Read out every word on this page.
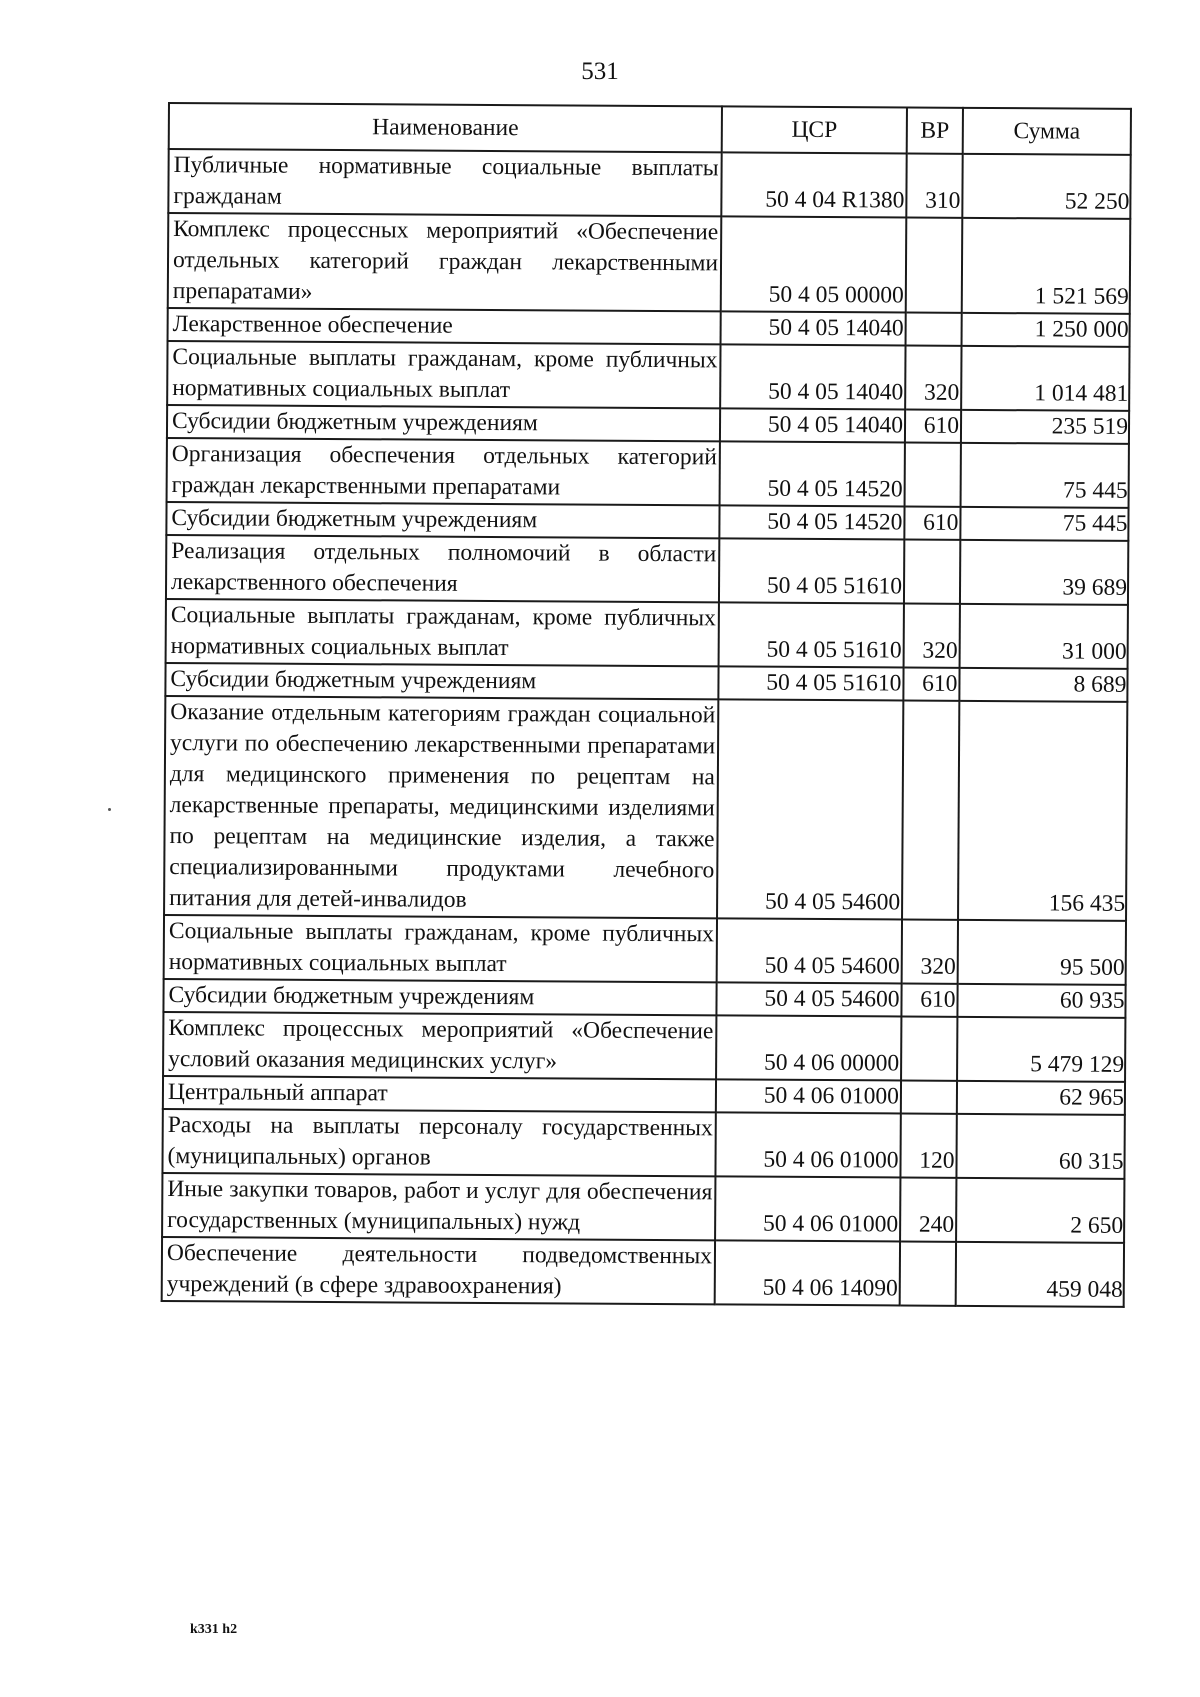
531
Наименование	ЦСР	ВР	Сумма
Публичные нормативные социальные выплаты гражданам	50 4 04 R1380	310	52 250
Комплекс процессных мероприятий «Обеспечение отдельных категорий граждан лекарственными препаратами»	50 4 05 00000		1 521 569
Лекарственное обеспечение	50 4 05 14040		1 250 000
Социальные выплаты гражданам, кроме публичных нормативных социальных выплат	50 4 05 14040	320	1 014 481
Субсидии бюджетным учреждениям	50 4 05 14040	610	235 519
Организация обеспечения отдельных категорий граждан лекарственными препаратами	50 4 05 14520		75 445
Субсидии бюджетным учреждениям	50 4 05 14520	610	75 445
Реализация отдельных полномочий в области лекарственного обеспечения	50 4 05 51610		39 689
Социальные выплаты гражданам, кроме публичных нормативных социальных выплат	50 4 05 51610	320	31 000
Субсидии бюджетным учреждениям	50 4 05 51610	610	8 689
Оказание отдельным категориям граждан социальной услуги по обеспечению лекарственными препаратами для медицинского применения по рецептам на лекарственные препараты, медицинскими изделиями по рецептам на медицинские изделия, а также специализированными продуктами лечебного питания для детей-инвалидов	50 4 05 54600		156 435
Социальные выплаты гражданам, кроме публичных нормативных социальных выплат	50 4 05 54600	320	95 500
Субсидии бюджетным учреждениям	50 4 05 54600	610	60 935
Комплекс процессных мероприятий «Обеспечение условий оказания медицинских услуг»	50 4 06 00000		5 479 129
Центральный аппарат	50 4 06 01000		62 965
Расходы на выплаты персоналу государственных (муниципальных) органов	50 4 06 01000	120	60 315
Иные закупки товаров, работ и услуг для обеспечения государственных (муниципальных) нужд	50 4 06 01000	240	2 650
Обеспечение деятельности подведомственных учреждений (в сфере здравоохранения)	50 4 06 14090		459 048
k331 h2
